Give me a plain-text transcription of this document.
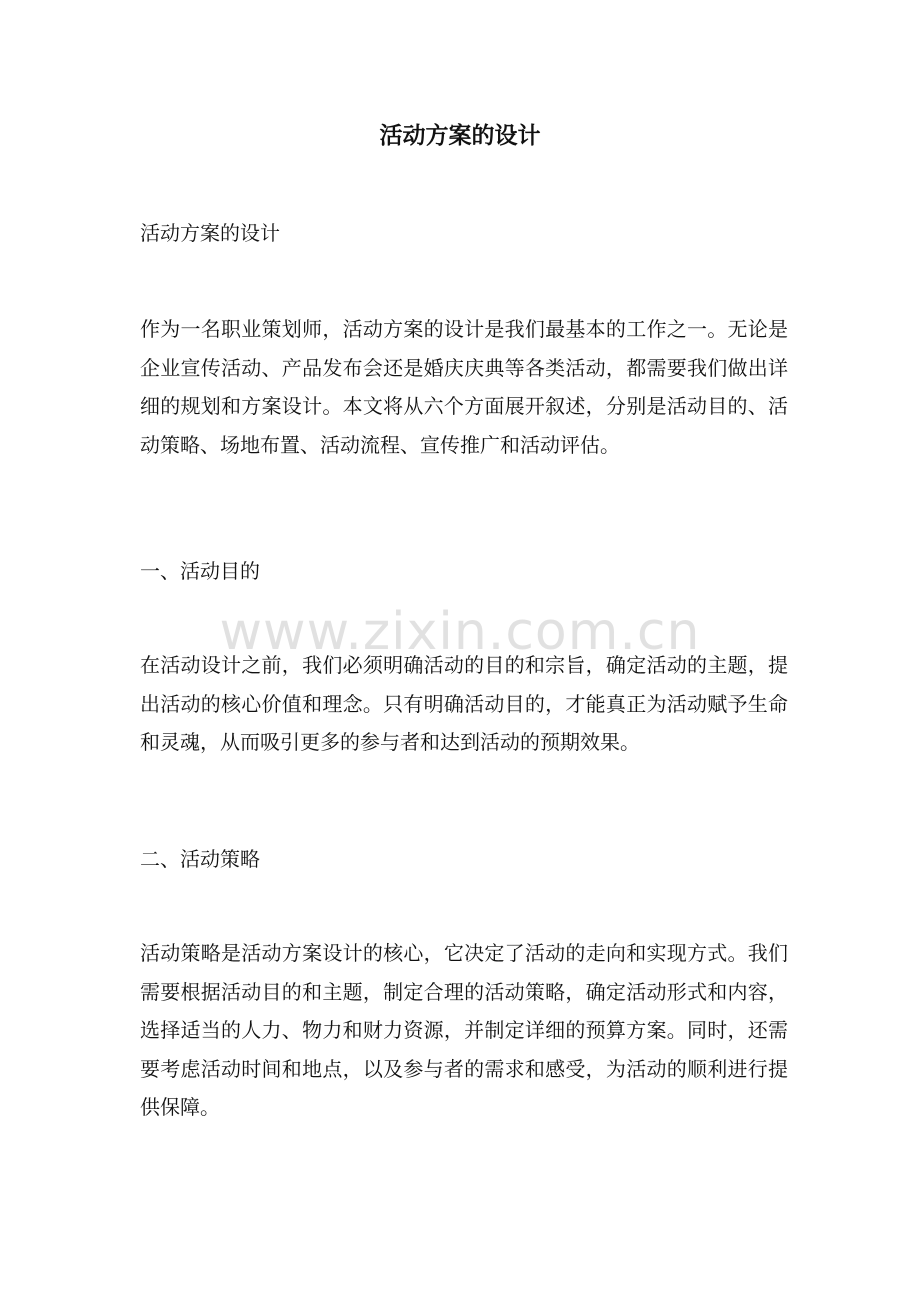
活动方案的设计

活动方案的设计

作为一名职业策划师，活动方案的设计是我们最基本的工作之一。无论是企业宣传活动、产品发布会还是婚庆庆典等各类活动，都需要我们做出详细的规划和方案设计。本文将从六个方面展开叙述，分别是活动目的、活动策略、场地布置、活动流程、宣传推广和活动评估。

一、活动目的

在活动设计之前，我们必须明确活动的目的和宗旨，确定活动的主题，提出活动的核心价值和理念。只有明确活动目的，才能真正为活动赋予生命和灵魂，从而吸引更多的参与者和达到活动的预期效果。

二、活动策略

活动策略是活动方案设计的核心，它决定了活动的走向和实现方式。我们需要根据活动目的和主题，制定合理的活动策略，确定活动形式和内容，选择适当的人力、物力和财力资源，并制定详细的预算方案。同时，还需要考虑活动时间和地点，以及参与者的需求和感受，为活动的顺利进行提供保障。

www.zixin.com.cn
